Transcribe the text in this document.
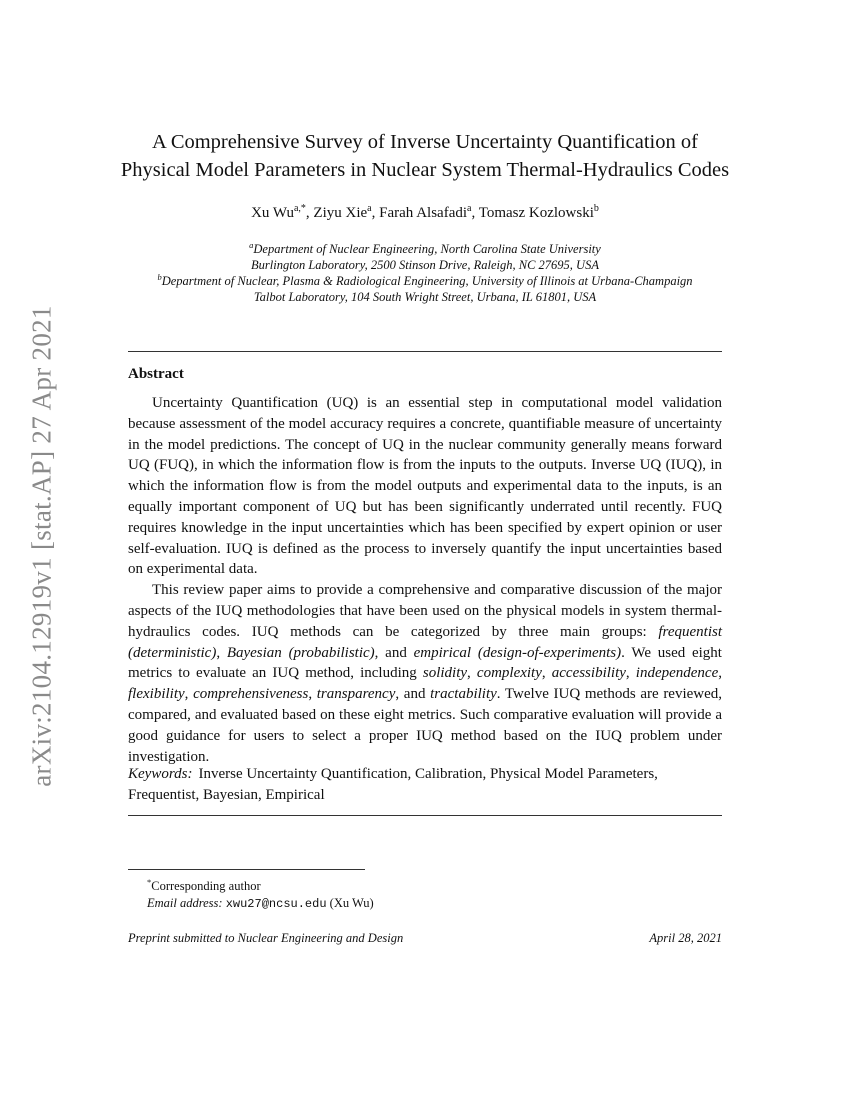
arXiv:2104.12919v1 [stat.AP] 27 Apr 2021
A Comprehensive Survey of Inverse Uncertainty Quantification of
Physical Model Parameters in Nuclear System Thermal-Hydraulics Codes
Xu $Wu^{a,*}$, Ziyu Xie$^a$, Farah Alsafadi$^a$, Tomasz Kozlowski$^b$
$^a$Department of Nuclear Engineering, North Carolina State University
Burlington Laboratory, 2500 Stinson Drive, Raleigh, NC 27695, USA
$^b$Department of Nuclear, Plasma & Radiological Engineering, University of Illinois at Urbana-Champaign
Talbot Laboratory, 104 South Wright Street, Urbana, IL 61801, USA
Abstract

Uncertainty Quantification (UQ) is an essential step in computational model validation because assessment of the model accuracy requires a concrete, quantifiable measure of uncertainty in the model predictions. The concept of UQ in the nuclear community generally means forward UQ (FUQ), in which the information flow is from the inputs to the outputs. Inverse UQ (IUQ), in which the information flow is from the model outputs and experimental data to the inputs, is an equally important component of UQ but has been significantly underrated until recently. FUQ requires knowledge in the input uncertainties which has been specified by expert opinion or user self-evaluation. IUQ is defined as the process to inversely quantify the input uncertainties based on experimental data.

This review paper aims to provide a comprehensive and comparative discussion of the major aspects of the IUQ methodologies that have been used on the physical models in system thermal-hydraulics codes. IUQ methods can be categorized by three main groups: frequentist (deterministic), Bayesian (probabilistic), and empirical (design-of-experiments). We used eight metrics to evaluate an IUQ method, including solidity, complexity, accessibility, independence, flexibility, comprehensiveness, transparency, and tractability. Twelve IUQ methods are reviewed, compared, and evaluated based on these eight metrics. Such comparative evaluation will provide a good guidance for users to select a proper IUQ method based on the IUQ problem under investigation.

Keywords: Inverse Uncertainty Quantification, Calibration, Physical Model Parameters, Frequentist, Bayesian, Empirical
*Corresponding author
Email address: xwu27@ncsu.edu (Xu Wu)
Preprint submitted to Nuclear Engineering and Design	April 28, 2021
